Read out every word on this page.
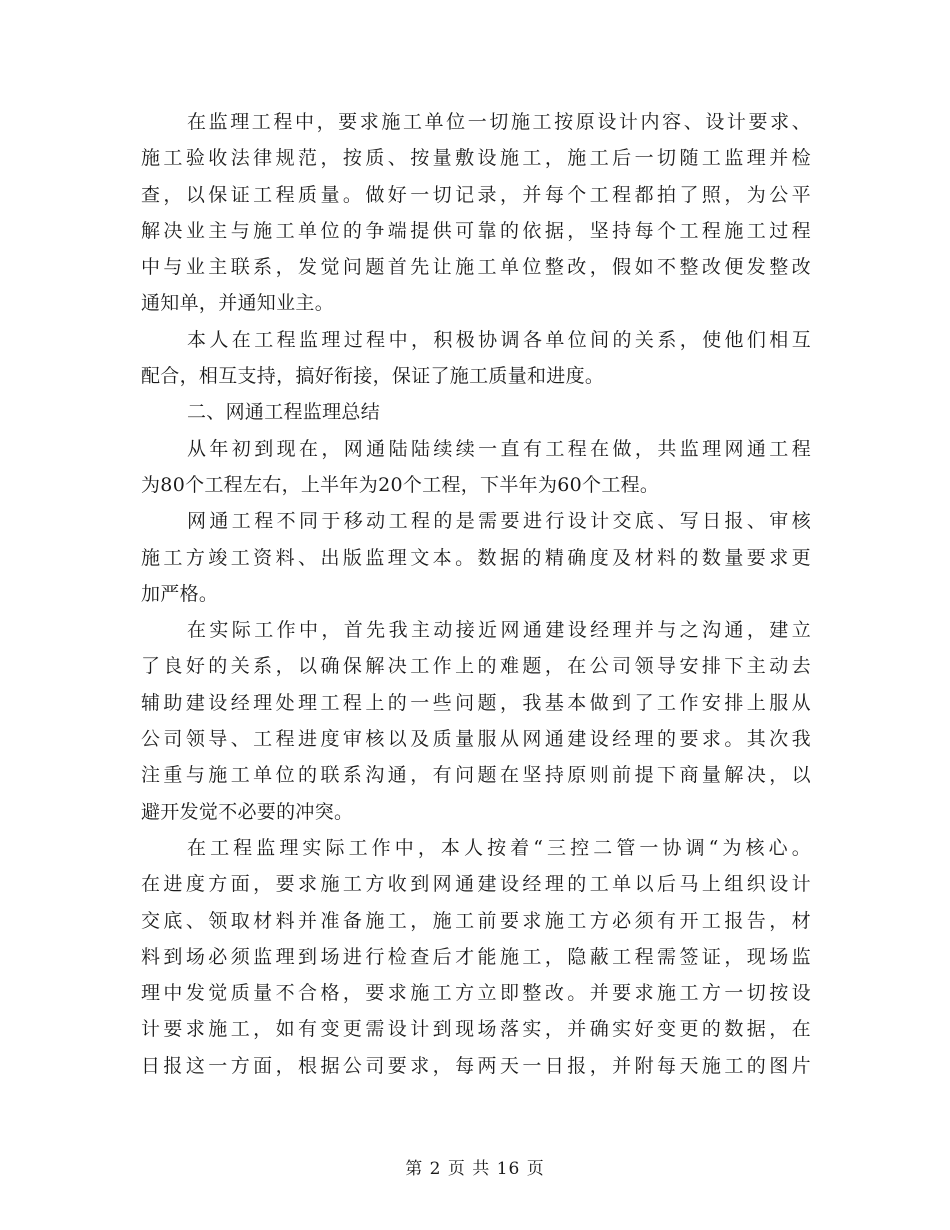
在监理工程中，要求施工单位一切施工按原设计内容、设计要求、
施工验收法律规范，按质、按量敷设施工，施工后一切随工监理并检
查，以保证工程质量。做好一切记录，并每个工程都拍了照，为公平
解决业主与施工单位的争端提供可靠的依据，坚持每个工程施工过程
中与业主联系，发觉问题首先让施工单位整改，假如不整改便发整改
通知单，并通知业主。
本人在工程监理过程中，积极协调各单位间的关系，使他们相互
配合，相互支持，搞好衔接，保证了施工质量和进度。
二、网通工程监理总结
从年初到现在，网通陆陆续续一直有工程在做，共监理网通工程
为80个工程左右，上半年为20个工程，下半年为60个工程。
网通工程不同于移动工程的是需要进行设计交底、写日报、审核
施工方竣工资料、出版监理文本。数据的精确度及材料的数量要求更
加严格。
在实际工作中，首先我主动接近网通建设经理并与之沟通，建立
了良好的关系，以确保解决工作上的难题，在公司领导安排下主动去
辅助建设经理处理工程上的一些问题，我基本做到了工作安排上服从
公司领导、工程进度审核以及质量服从网通建设经理的要求。其次我
注重与施工单位的联系沟通，有问题在坚持原则前提下商量解决，以
避开发觉不必要的冲突。
在工程监理实际工作中，本人按着“三控二管一协调“为核心。
在进度方面，要求施工方收到网通建设经理的工单以后马上组织设计
交底、领取材料并准备施工，施工前要求施工方必须有开工报告，材
料到场必须监理到场进行检查后才能施工，隐蔽工程需签证，现场监
理中发觉质量不合格，要求施工方立即整改。并要求施工方一切按设
计要求施工，如有变更需设计到现场落实，并确实好变更的数据，在
日报这一方面，根据公司要求，每两天一日报，并附每天施工的图片
第 2 页 共 16 页
